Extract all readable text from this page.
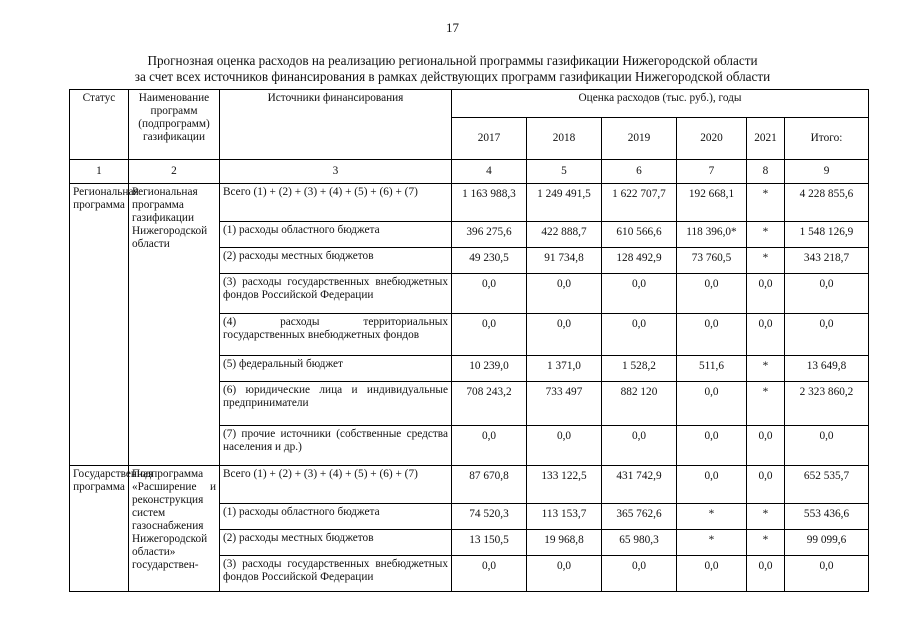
17
Прогнозная оценка расходов на реализацию региональной программы газификации Нижегородской области
за счет всех источников финансирования в рамках действующих программ газификации Нижегородской области
Статус	Наименование программ (подпрограмм) газификации	Источники финансирования	Оценка расходов (тыс. руб.), годы					
			2017	2018	2019	2020	2021	Итого:
1	2	3	4	5	6	7	8	9
Региональная программа	Региональная программа газификации Нижегородской области	Всего (1) + (2) + (3) + (4) + (5) + (6) + (7)	1 163 988,3	1 249 491,5	1 622 707,7	192 668,1	*	4 228 855,6
		(1) расходы областного бюджета	396 275,6	422 888,7	610 566,6	118 396,0*	*	1 548 126,9
		(2) расходы местных бюджетов	49 230,5	91 734,8	128 492,9	73 760,5	*	343 218,7
		(3) расходы государственных внебюджетных фондов Российской Федерации	0,0	0,0	0,0	0,0	0,0	0,0
		(4) расходы территориальных государственных внебюджетных фондов	0,0	0,0	0,0	0,0	0,0	0,0
		(5) федеральный бюджет	10 239,0	1 371,0	1 528,2	511,6	*	13 649,8
		(6) юридические лица и индивидуальные предприниматели	708 243,2	733 497	882 120	0,0	*	2 323 860,2
		(7) прочие источники (собственные средства населения и др.)	0,0	0,0	0,0	0,0	0,0	0,0
Государственная программа	Подпрограмма «Расширение и реконструкция систем газоснабжения Нижегородской области» государствен-	Всего (1) + (2) + (3) + (4) + (5) + (6) + (7)	87 670,8	133 122,5	431 742,9	0,0	0,0	652 535,7
		(1) расходы областного бюджета	74 520,3	113 153,7	365 762,6	*	*	553 436,6
		(2) расходы местных бюджетов	13 150,5	19 968,8	65 980,3	*	*	99 099,6
		(3) расходы государственных внебюджетных фондов Российской Федерации	0,0	0,0	0,0	0,0	0,0	0,0
